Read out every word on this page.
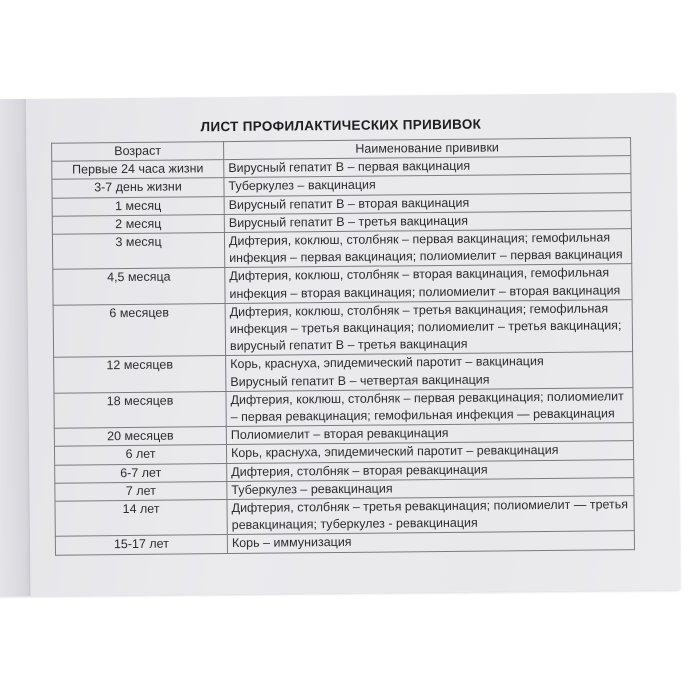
ЛИСТ ПРОФИЛАКТИЧЕСКИХ ПРИВИВОК
Возраст	Наименование прививки
Первые 24 часа жизни	Вирусный гепатит В – первая вакцинация
3-7 день жизни	Туберкулез – вакцинация
1 месяц	Вирусный гепатит В – вторая вакцинация
2 месяц	Вирусный гепатит В – третья вакцинация
3 месяц	Дифтерия, коклюш, столбняк – первая вакцинация; гемофильная инфекция – первая вакцинация; полиомиелит – первая вакцинация
4,5 месяца	Дифтерия, коклюш, столбняк – вторая вакцинация, гемофильная инфекция – вторая вакцинация; полиомиелит – вторая вакцинация
6 месяцев	Дифтерия, коклюш, столбняк – третья вакцинация; гемофильная инфекция – третья вакцинация; полиомиелит – третья вакцинация; вирусный гепатит В – третья вакцинация
12 месяцев	Корь, краснуха, эпидемический паротит – вакцинация
Вирусный гепатит В – четвертая вакцинация
18 месяцев	Дифтерия, коклюш, столбняк – первая ревакцинация; полиомиелит – первая ревакцинация; гемофильная инфекция — ревакцинация
20 месяцев	Полиомиелит – вторая ревакцинация
6 лет	Корь, краснуха, эпидемический паротит – ревакцинация
6-7 лет	Дифтерия, столбняк – вторая ревакцинация
7 лет	Туберкулез – ревакцинация
14 лет	Дифтерия, столбняк – третья ревакцинация; полиомиелит — третья ревакцинация; туберкулез - ревакцинация
15-17 лет	Корь – иммунизация
